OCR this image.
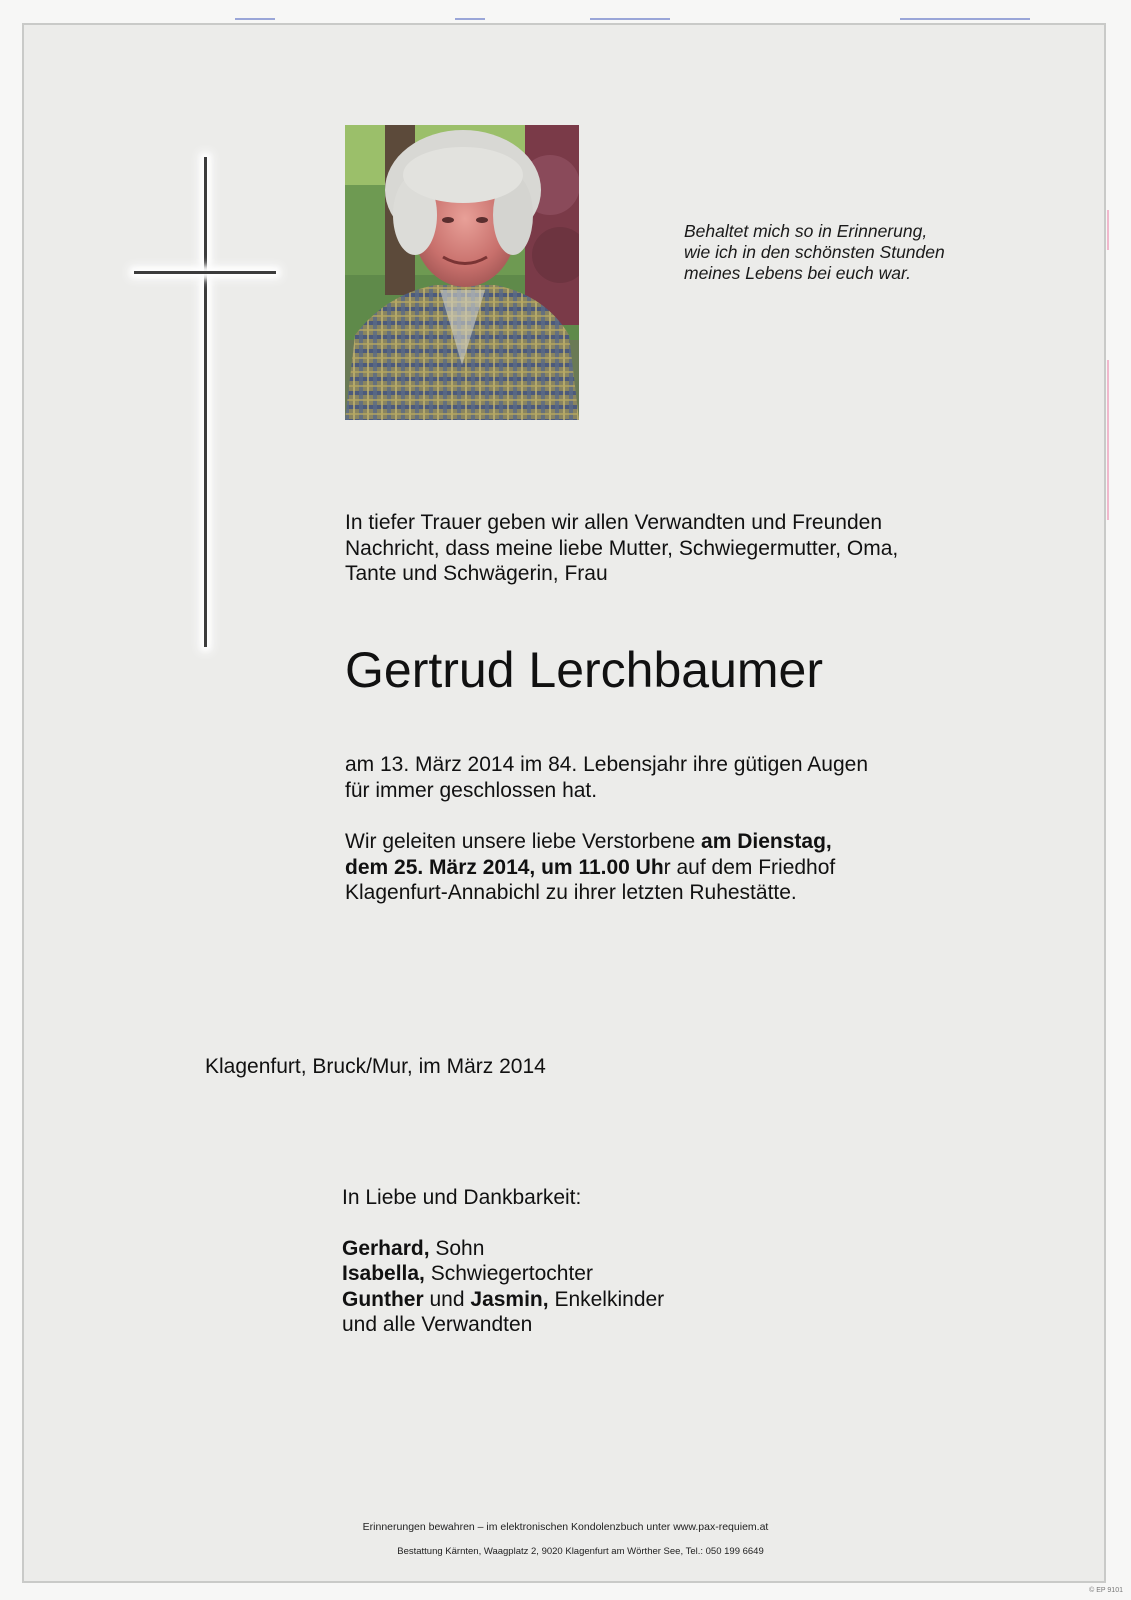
Behaltet mich so in Erinnerung,
wie ich in den schönsten Stunden
meines Lebens bei euch war.
In tiefer Trauer geben wir allen Verwandten und Freunden
Nachricht, dass meine liebe Mutter, Schwiegermutter, Oma,
Tante und Schwägerin, Frau
Gertrud Lerchbaumer
am 13. März 2014 im 84. Lebensjahr ihre gütigen Augen
für immer geschlossen hat.
Wir geleiten unsere liebe Verstorbene am Dienstag,
dem 25. März 2014, um 11.00 Uhr auf dem Friedhof
Klagenfurt-Annabichl zu ihrer letzten Ruhestätte.
Klagenfurt, Bruck/Mur, im März 2014
In Liebe und Dankbarkeit:
Gerhard, Sohn
Isabella, Schwiegertochter
Gunther und Jasmin, Enkelkinder
und alle Verwandten
Erinnerungen bewahren – im elektronischen Kondolenzbuch unter www.pax-requiem.at
Bestattung Kärnten, Waagplatz 2, 9020 Klagenfurt am Wörther See, Tel.: 050 199 6649
© EP 9101
